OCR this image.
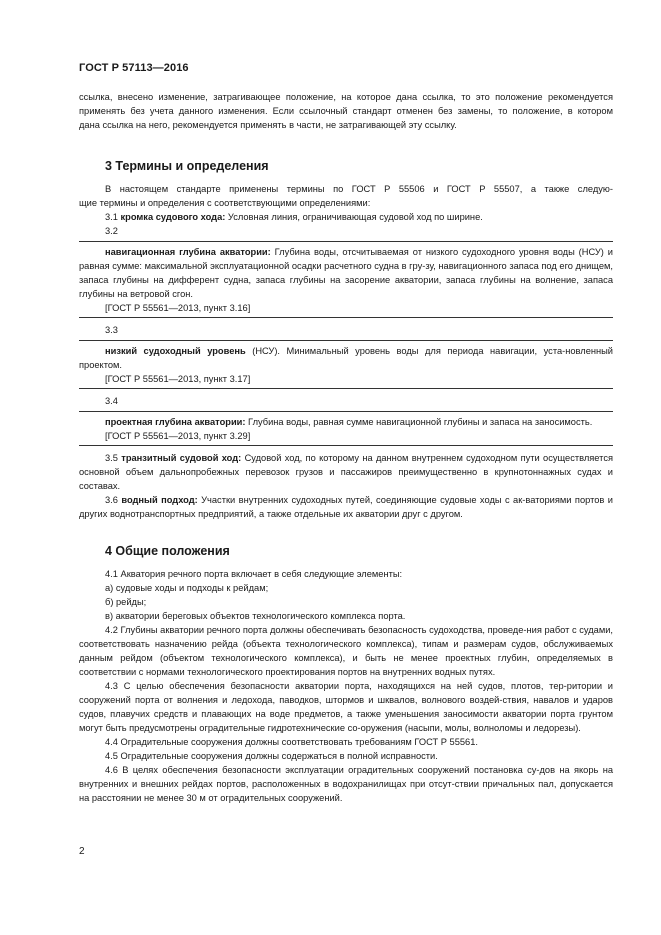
ГОСТ Р 57113—2016

ссылка, внесено изменение, затрагивающее положение, на которое дана ссылка, то это положение рекомендуется

применять без учета данного изменения. Если ссылочный стандарт отменен без замены, то положение, в котором

дана ссылка на него, рекомендуется применять в части, не затрагивающей эту ссылку.

3 Термины и определения

В настоящем стандарте применены термины по ГОСТ Р 55506 и ГОСТ Р 55507, а также следую-

щие термины и определения с соответствующими определениями:

3.1 кромка судового хода: Условная линия, ограничивающая судовой ход по ширине.

3.2

навигационная глубина акватории: Глубина воды, отсчитываемая от низкого судоходного уровня воды (НСУ) и равная сумме: максимальной эксплуатационной осадки расчетного судна в гру-зу, навигационного запаса под его днищем, запаса глубины на дифферент судна, запаса глубины на засорение акватории, запаса глубины на волнение, запаса глубины на ветровой сгон.

[ГОСТ Р 55561—2013, пункт 3.16]

3.3

низкий судоходный уровень (НСУ). Минимальный уровень воды для периода навигации, уста-новленный проектом.

[ГОСТ Р 55561—2013, пункт 3.17]

3.4

проектная глубина акватории: Глубина воды, равная сумме навигационной глубины и запаса на заносимость.

[ГОСТ Р 55561—2013, пункт 3.29]

3.5 транзитный судовой ход: Судовой ход, по которому на данном внутреннем судоходном пути осуществляется основной объем дальнопробежных перевозок грузов и пассажиров преимущественно в крупнотоннажных судах и составах.

3.6 водный подход: Участки внутренних судоходных путей, соединяющие судовые ходы с ак-ваториями портов и других воднотранспортных предприятий, а также отдельные их акватории друг с другом.

4 Общие положения

4.1 Акватория речного порта включает в себя следующие элементы:

а) судовые ходы и подходы к рейдам;

б) рейды;

в) акватории береговых объектов технологического комплекса порта.

4.2 Глубины акватории речного порта должны обеспечивать безопасность судоходства, проведе-ния работ с судами, соответствовать назначению рейда (объекта технологического комплекса), типам и размерам судов, обслуживаемых данным рейдом (объектом технологического комплекса), и быть не менее проектных глубин, определяемых в соответствии с нормами технологического проектирования портов на внутренних водных путях.

4.3 С целью обеспечения безопасности акватории порта, находящихся на ней судов, плотов, тер-ритории и сооружений порта от волнения и ледохода, паводков, штормов и шквалов, волнового воздей-ствия, навалов и ударов судов, плавучих средств и плавающих на воде предметов, а также уменьшения заносимости акватории порта грунтом могут быть предусмотрены оградительные гидротехнические со-оружения (насыпи, молы, волноломы и ледорезы).

4.4 Оградительные сооружения должны соответствовать требованиям ГОСТ Р 55561.

4.5 Оградительные сооружения должны содержаться в полной исправности.

4.6 В целях обеспечения безопасности эксплуатации оградительных сооружений постановка су-дов на якорь на внутренних и внешних рейдах портов, расположенных в водохранилищах при отсут-ствии причальных пал, допускается на расстоянии не менее 30 м от оградительных сооружений.

2
